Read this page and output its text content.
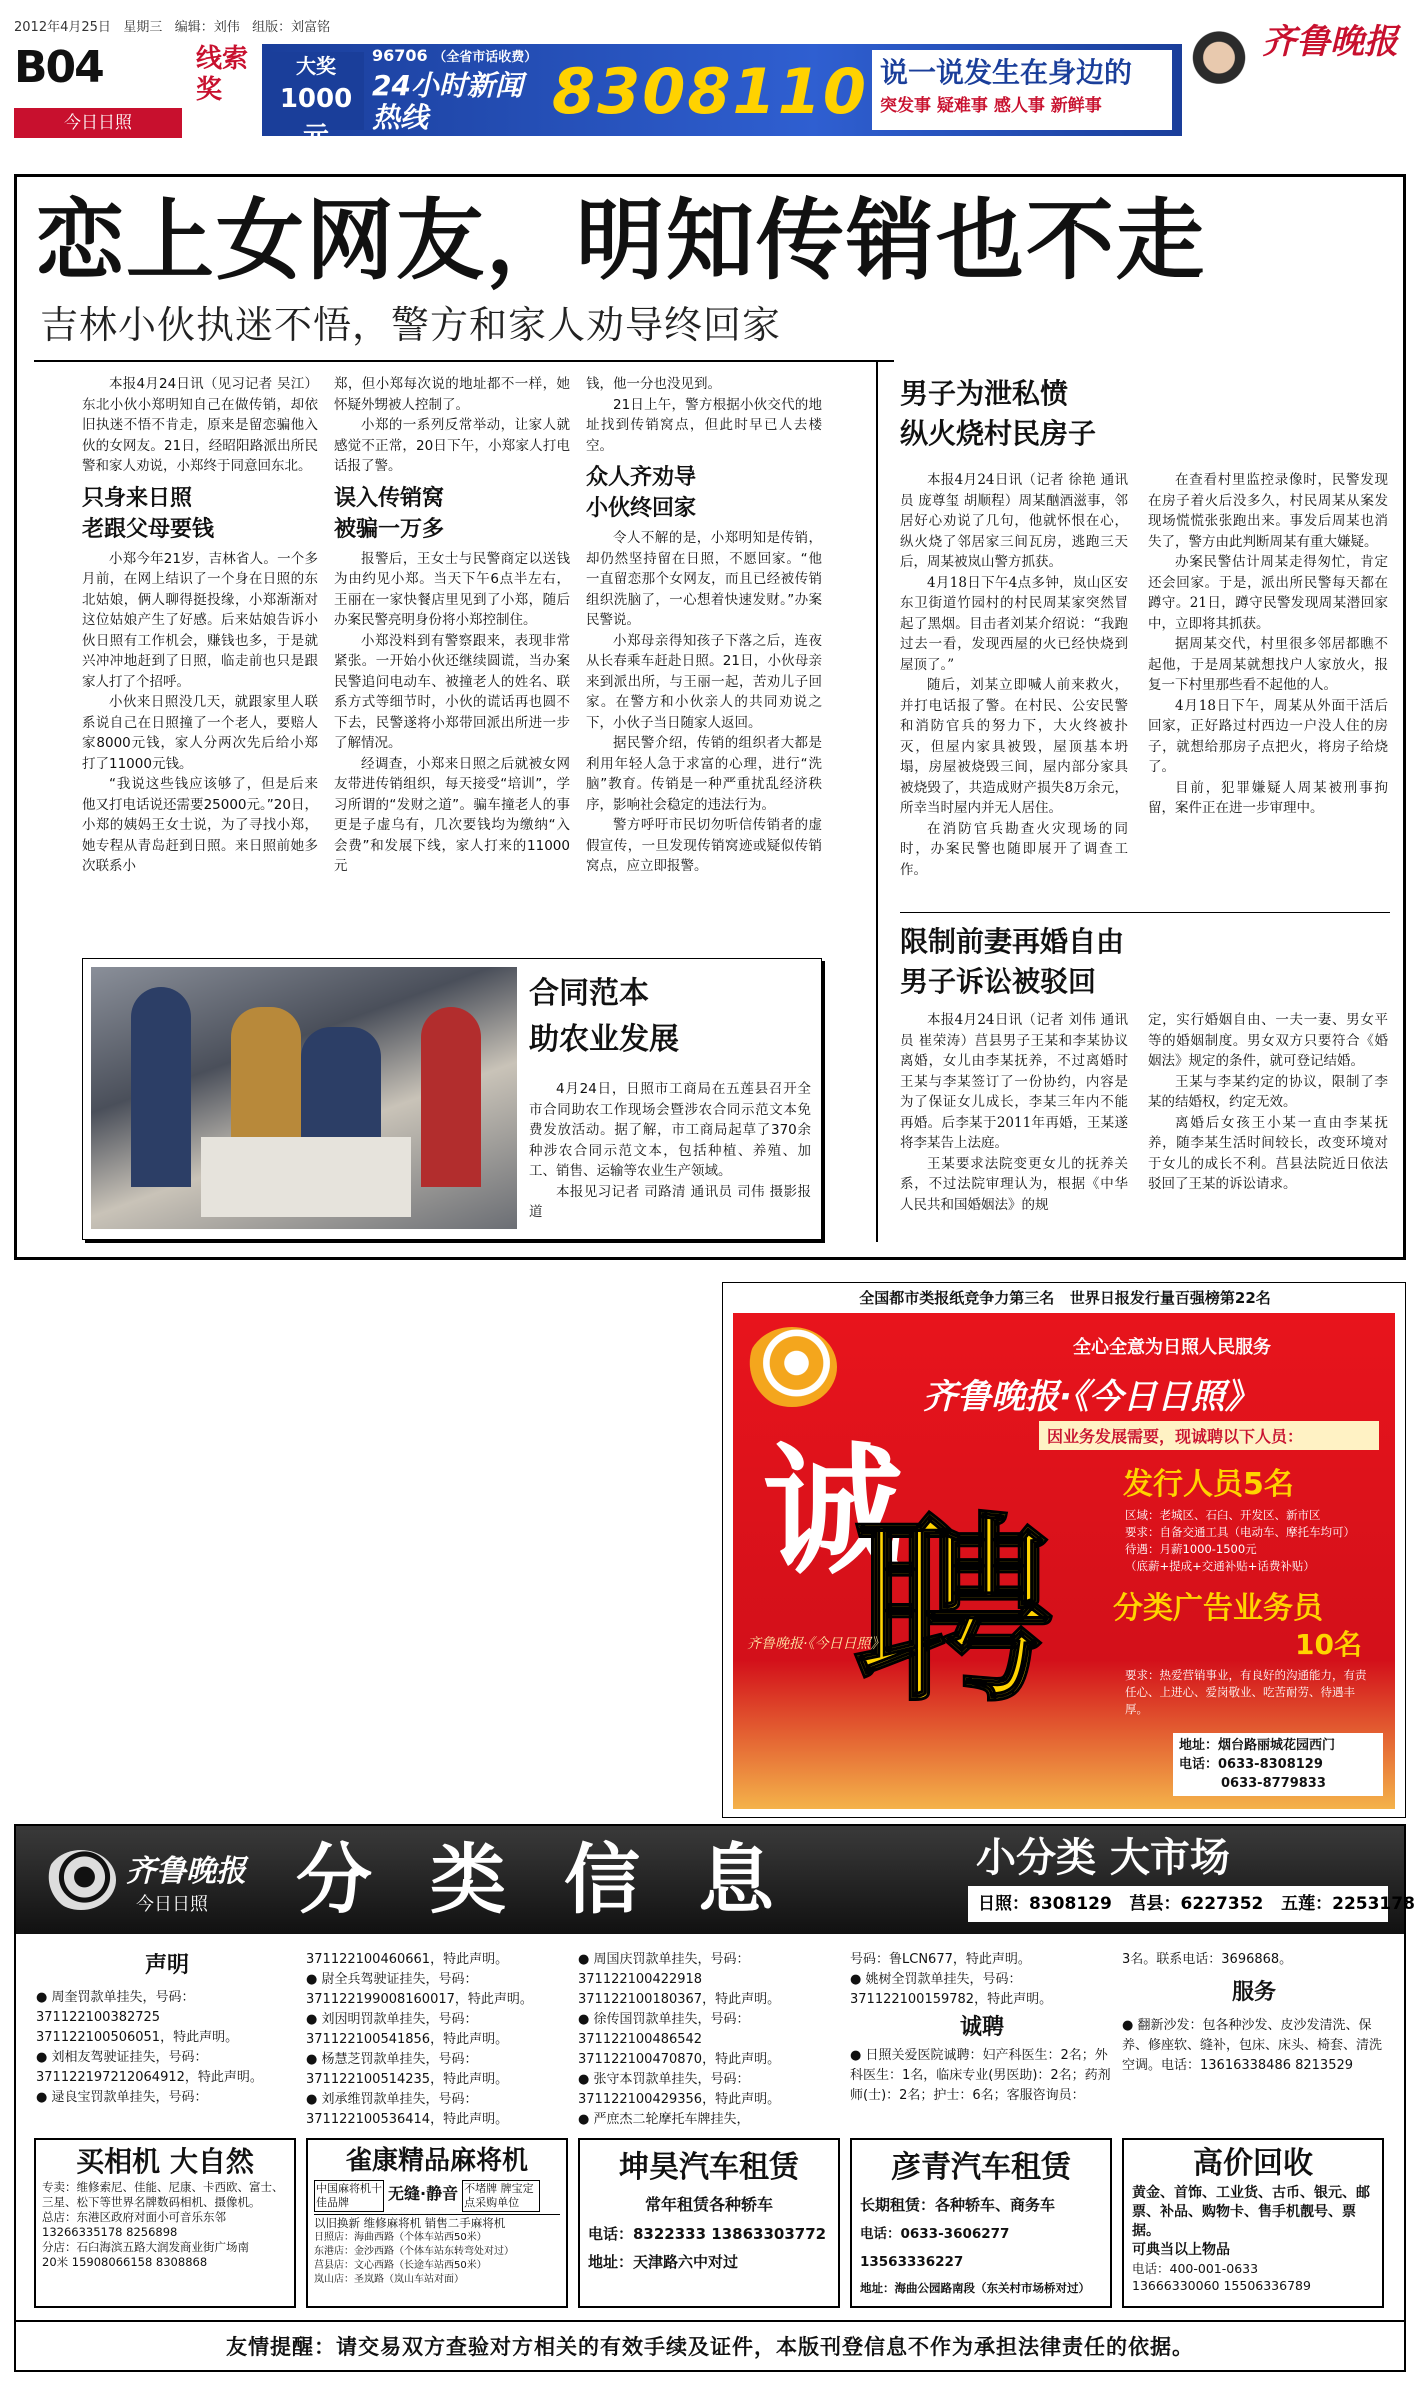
2012年4月25日 星期三 编辑：刘伟 组版：刘富铭
B04
今日日照
线索奖
大奖
1000元
96706 （全省市话收费）
24小时新闻热线	8308110 说一说发生在身边的
突发事 疑难事 感人事 新鲜事
齐鲁晚报
恋上女网友，明知传销也不走
吉林小伙执迷不悟，警方和家人劝导终回家

本报4月24日讯（见习记者 吴江） 东北小伙小郑明知自己在做传销，却依旧执迷不悟不肯走，原来是留恋骗他入伙的女网友。21日，经昭阳路派出所民警和家人劝说，小郑终于同意回东北。

只身来日照
老跟父母要钱

小郑今年21岁，吉林省人。一个多月前，在网上结识了一个身在日照的东北姑娘，俩人聊得挺投缘，小郑渐渐对这位姑娘产生了好感。后来姑娘告诉小伙日照有工作机会，赚钱也多，于是就兴冲冲地赶到了日照，临走前也只是跟家人打了个招呼。

小伙来日照没几天，就跟家里人联系说自己在日照撞了一个老人，要赔人家8000元钱，家人分两次先后给小郑打了11000元钱。

“我说这些钱应该够了，但是后来他又打电话说还需要25000元。”20日，小郑的姨妈王女士说，为了寻找小郑，她专程从青岛赶到日照。来日照前她多次联系小

郑，但小郑每次说的地址都不一样，她怀疑外甥被人控制了。

小郑的一系列反常举动，让家人就感觉不正常，20日下午，小郑家人打电话报了警。

误入传销窝
被骗一万多

报警后，王女士与民警商定以送钱为由约见小郑。当天下午6点半左右，王丽在一家快餐店里见到了小郑，随后办案民警亮明身份将小郑控制住。

小郑没料到有警察跟来，表现非常紧张。一开始小伙还继续圆谎，当办案民警追问电动车、被撞老人的姓名、联系方式等细节时，小伙的谎话再也圆不下去，民警遂将小郑带回派出所进一步了解情况。

经调查，小郑来日照之后就被女网友带进传销组织，每天接受“培训”，学习所谓的“发财之道”。骗车撞老人的事更是子虚乌有，几次要钱均为缴纳“入会费”和发展下线，家人打来的11000元

钱，他一分也没见到。

21日上午，警方根据小伙交代的地址找到传销窝点，但此时早已人去楼空。

众人齐劝导
小伙终回家

令人不解的是，小郑明知是传销，却仍然坚持留在日照，不愿回家。“他一直留恋那个女网友，而且已经被传销组织洗脑了，一心想着快速发财。”办案民警说。

小郑母亲得知孩子下落之后，连夜从长春乘车赶赴日照。21日，小伙母亲来到派出所，与王丽一起，苦劝儿子回家。在警方和小伙亲人的共同劝说之下，小伙子当日随家人返回。

据民警介绍，传销的组织者大都是利用年轻人急于求富的心理，进行“洗脑”教育。传销是一种严重扰乱经济秩序，影响社会稳定的违法行为。

警方呼吁市民切勿听信传销者的虚假宣传，一旦发现传销窝迹或疑似传销窝点，应立即报警。

合同范本
助农业发展

4月24日，日照市工商局在五莲县召开全市合同助农工作现场会暨涉农合同示范文本免费发放活动。据了解，市工商局起草了370余种涉农合同示范文本，包括种植、养殖、加工、销售、运输等农业生产领域。

本报见习记者 司路清 通讯员 司伟 摄影报道

男子为泄私愤
纵火烧村民房子

本报4月24日讯（记者 徐艳 通讯员 庞尊玺 胡顺程）周某酗酒滋事，邻居好心劝说了几句，他就怀恨在心，纵火烧了邻居家三间瓦房，逃跑三天后，周某被岚山警方抓获。

4月18日下午4点多钟，岚山区安东卫街道竹园村的村民周某家突然冒起了黑烟。目击者刘某介绍说：“我跑过去一看，发现西屋的火已经快烧到屋顶了。”

随后，刘某立即喊人前来救火，并打电话报了警。在村民、公安民警和消防官兵的努力下，大火终被扑灭，但屋内家具被毁，屋顶基本坍塌，房屋被烧毁三间，屋内部分家具被烧毁了，共造成财产损失8万余元，所幸当时屋内并无人居住。

在消防官兵勘查火灾现场的同时，办案民警也随即展开了调查工作。

在查看村里监控录像时，民警发现在房子着火后没多久，村民周某从案发现场慌慌张张跑出来。事发后周某也消失了，警方由此判断周某有重大嫌疑。

办案民警估计周某走得匆忙，肯定还会回家。于是，派出所民警每天都在蹲守。21日，蹲守民警发现周某潜回家中，立即将其抓获。

据周某交代，村里很多邻居都瞧不起他，于是周某就想找户人家放火，报复一下村里那些看不起他的人。

4月18日下午，周某从外面干活后回家，正好路过村西边一户没人住的房子，就想给那房子点把火，将房子给烧了。

目前，犯罪嫌疑人周某被刑事拘留，案件正在进一步审理中。

限制前妻再婚自由
男子诉讼被驳回

本报4月24日讯（记者 刘伟 通讯员 崔荣涛）莒县男子王某和李某协议离婚，女儿由李某抚养，不过离婚时王某与李某签订了一份协约，内容是为了保证女儿成长，李某三年内不能再婚。后李某于2011年再婚，王某遂将李某告上法庭。

王某要求法院变更女儿的抚养关系，不过法院审理认为，根据《中华人民共和国婚姻法》的规

定，实行婚姻自由、一夫一妻、男女平等的婚姻制度。男女双方只要符合《婚姻法》规定的条件，就可登记结婚。

王某与李某约定的协议，限制了李某的结婚权，约定无效。

离婚后女孩王小某一直由李某抚养，随李某生活时间较长，改变环境对于女儿的成长不利。莒县法院近日依法驳回了王某的诉讼请求。

全国都市类报纸竞争力第三名   世界日报发行量百强榜第22名
全心全意为日照人民服务
齐鲁晚报·《今日日照》
因业务发展需要，现诚聘以下人员：
诚
聘
发行人员5名
区域：老城区、石臼、开发区、新市区
要求：自备交通工具（电动车、摩托车均可）
待遇：月薪1000-1500元
（底薪+提成+交通补贴+话费补贴）
分类广告业务员
10名
要求：热爱营销事业，有良好的沟通能力，有责任心、上进心、爱岗敬业、吃苦耐劳、待遇丰厚。
齐鲁晚报·《今日日照》
地址：烟台路丽城花园西门
电话：0633-8308129
0633-8779833
齐鲁晚报
今日日照 分类信息	小分类 大市场
日照：8308129   莒县：6227352   五莲：2253178
声明

● 周奎罚款单挂失，号码：371122100382725 371122100506051，特此声明。

● 刘相友驾驶证挂失，号码：371122197212064912，特此声明。

● 逯良宝罚款单挂失，号码：

371122100460661，特此声明。

● 尉全兵驾驶证挂失，号码：371122199008160017，特此声明。

● 刘因明罚款单挂失，号码：371122100541856，特此声明。

● 杨慧芝罚款单挂失，号码：371122100514235，特此声明。

● 刘承维罚款单挂失，号码：371122100536414，特此声明。

● 周国庆罚款单挂失，号码：371122100422918 371122100180367，特此声明。

● 徐传国罚款单挂失，号码：371122100486542 371122100470870，特此声明。

● 张守本罚款单挂失，号码：371122100429356，特此声明。

● 严庶杰二轮摩托车牌挂失，

号码：鲁LCN677，特此声明。

● 姚树全罚款单挂失，号码：371122100159782，特此声明。

诚聘

● 日照关爱医院诚聘：妇产科医生：2名；外科医生：1名，临床专业(男医助)：2名；药剂师(士)：2名；护士：6名；客服咨询员：

3名。联系电话：3696868。

服务

● 翻新沙发：包各种沙发、皮沙发清洗、保养、修座软、缝补，包床、床头、椅套、清洗空调。电话：13616338486 8213529

买相机 大自然
专卖：维修索尼、佳能、尼康、卡西欧、富士、三星、松下等世界名牌数码相机、摄像机。
总店：东港区政府对面小可音乐东邻
13266335178 8256898
分店：石臼海滨五路大润发商业街广场南
20米 15908066158 8308868
雀康精品麻将机
中国麻将机十佳品牌	无缝·静音 不堵牌 牌宝定点采购单位
以旧换新 维修麻将机 销售二手麻将机
日照店：海曲西路（个体车站西50米）
东港店：金沙西路（个体车站东转弯处对过）
莒县店：文心西路（长途车站西50米）
岚山店：圣岚路（岚山车站对面）
坤昊汽车租赁
常年租赁各种轿车
电话：8322333 13863303772
地址：天津路六中对过
彦青汽车租赁
长期租赁：各种轿车、商务车
电话：0633-3606277 13563336227
地址：海曲公园路南段（东关村市场桥对过）
高价回收
黄金、首饰、工业货、古币、银元、邮票、补品、购物卡、售手机靓号、票据。
可典当以上物品
电话：400-001-0633
13666330060 15506336789
友情提醒：请交易双方查验对方相关的有效手续及证件，本版刊登信息不作为承担法律责任的依据。
